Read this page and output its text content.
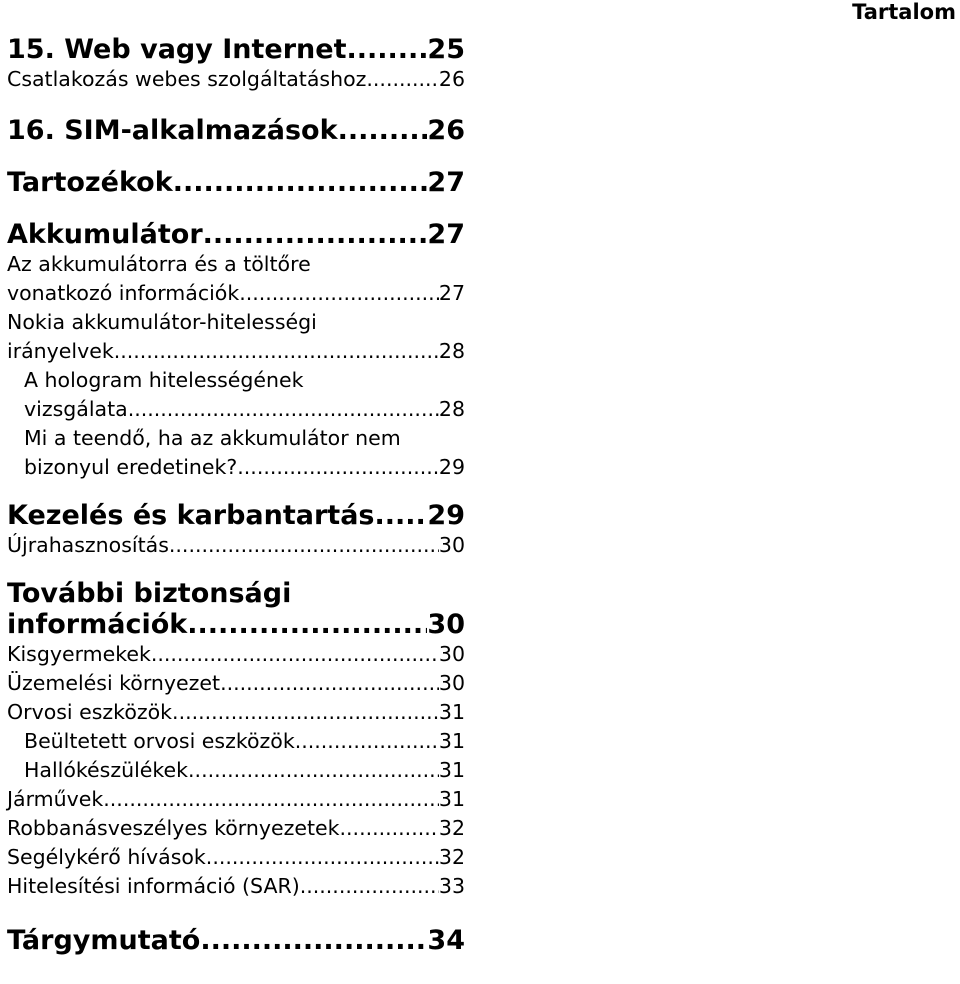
Tartalom
15. Web vagy Internet .....	25
Csatlakozás webes szolgáltatáshoz .....	26
16. SIM-alkalmazások .....	26
Tartozékok .....	27
Akkumulátor .....	27
Az akkumulátorra és a töltőre
vonatkozó információk .....	27
Nokia akkumulátor-hitelességi
irányelvek .....	28
A hologram hitelességének
vizsgálata .....	28
Mi a teendő, ha az akkumulátor nem
bizonyul eredetinek? .....	29
Kezelés és karbantartás ..... 29
Újrahasznosítás .....	30
További biztonsági
információk .....	30
Kisgyermekek .....	30
Üzemelési környezet .....	30
Orvosi eszközök .....	31
Beültetett orvosi eszközök .....	31
Hallókészülékek .....	31
Járművek .....	31
Robbanásveszélyes környezetek .....	32
Segélykérő hívások .....	32
Hitelesítési információ (SAR) .....	33
Tárgymutató .....	34
